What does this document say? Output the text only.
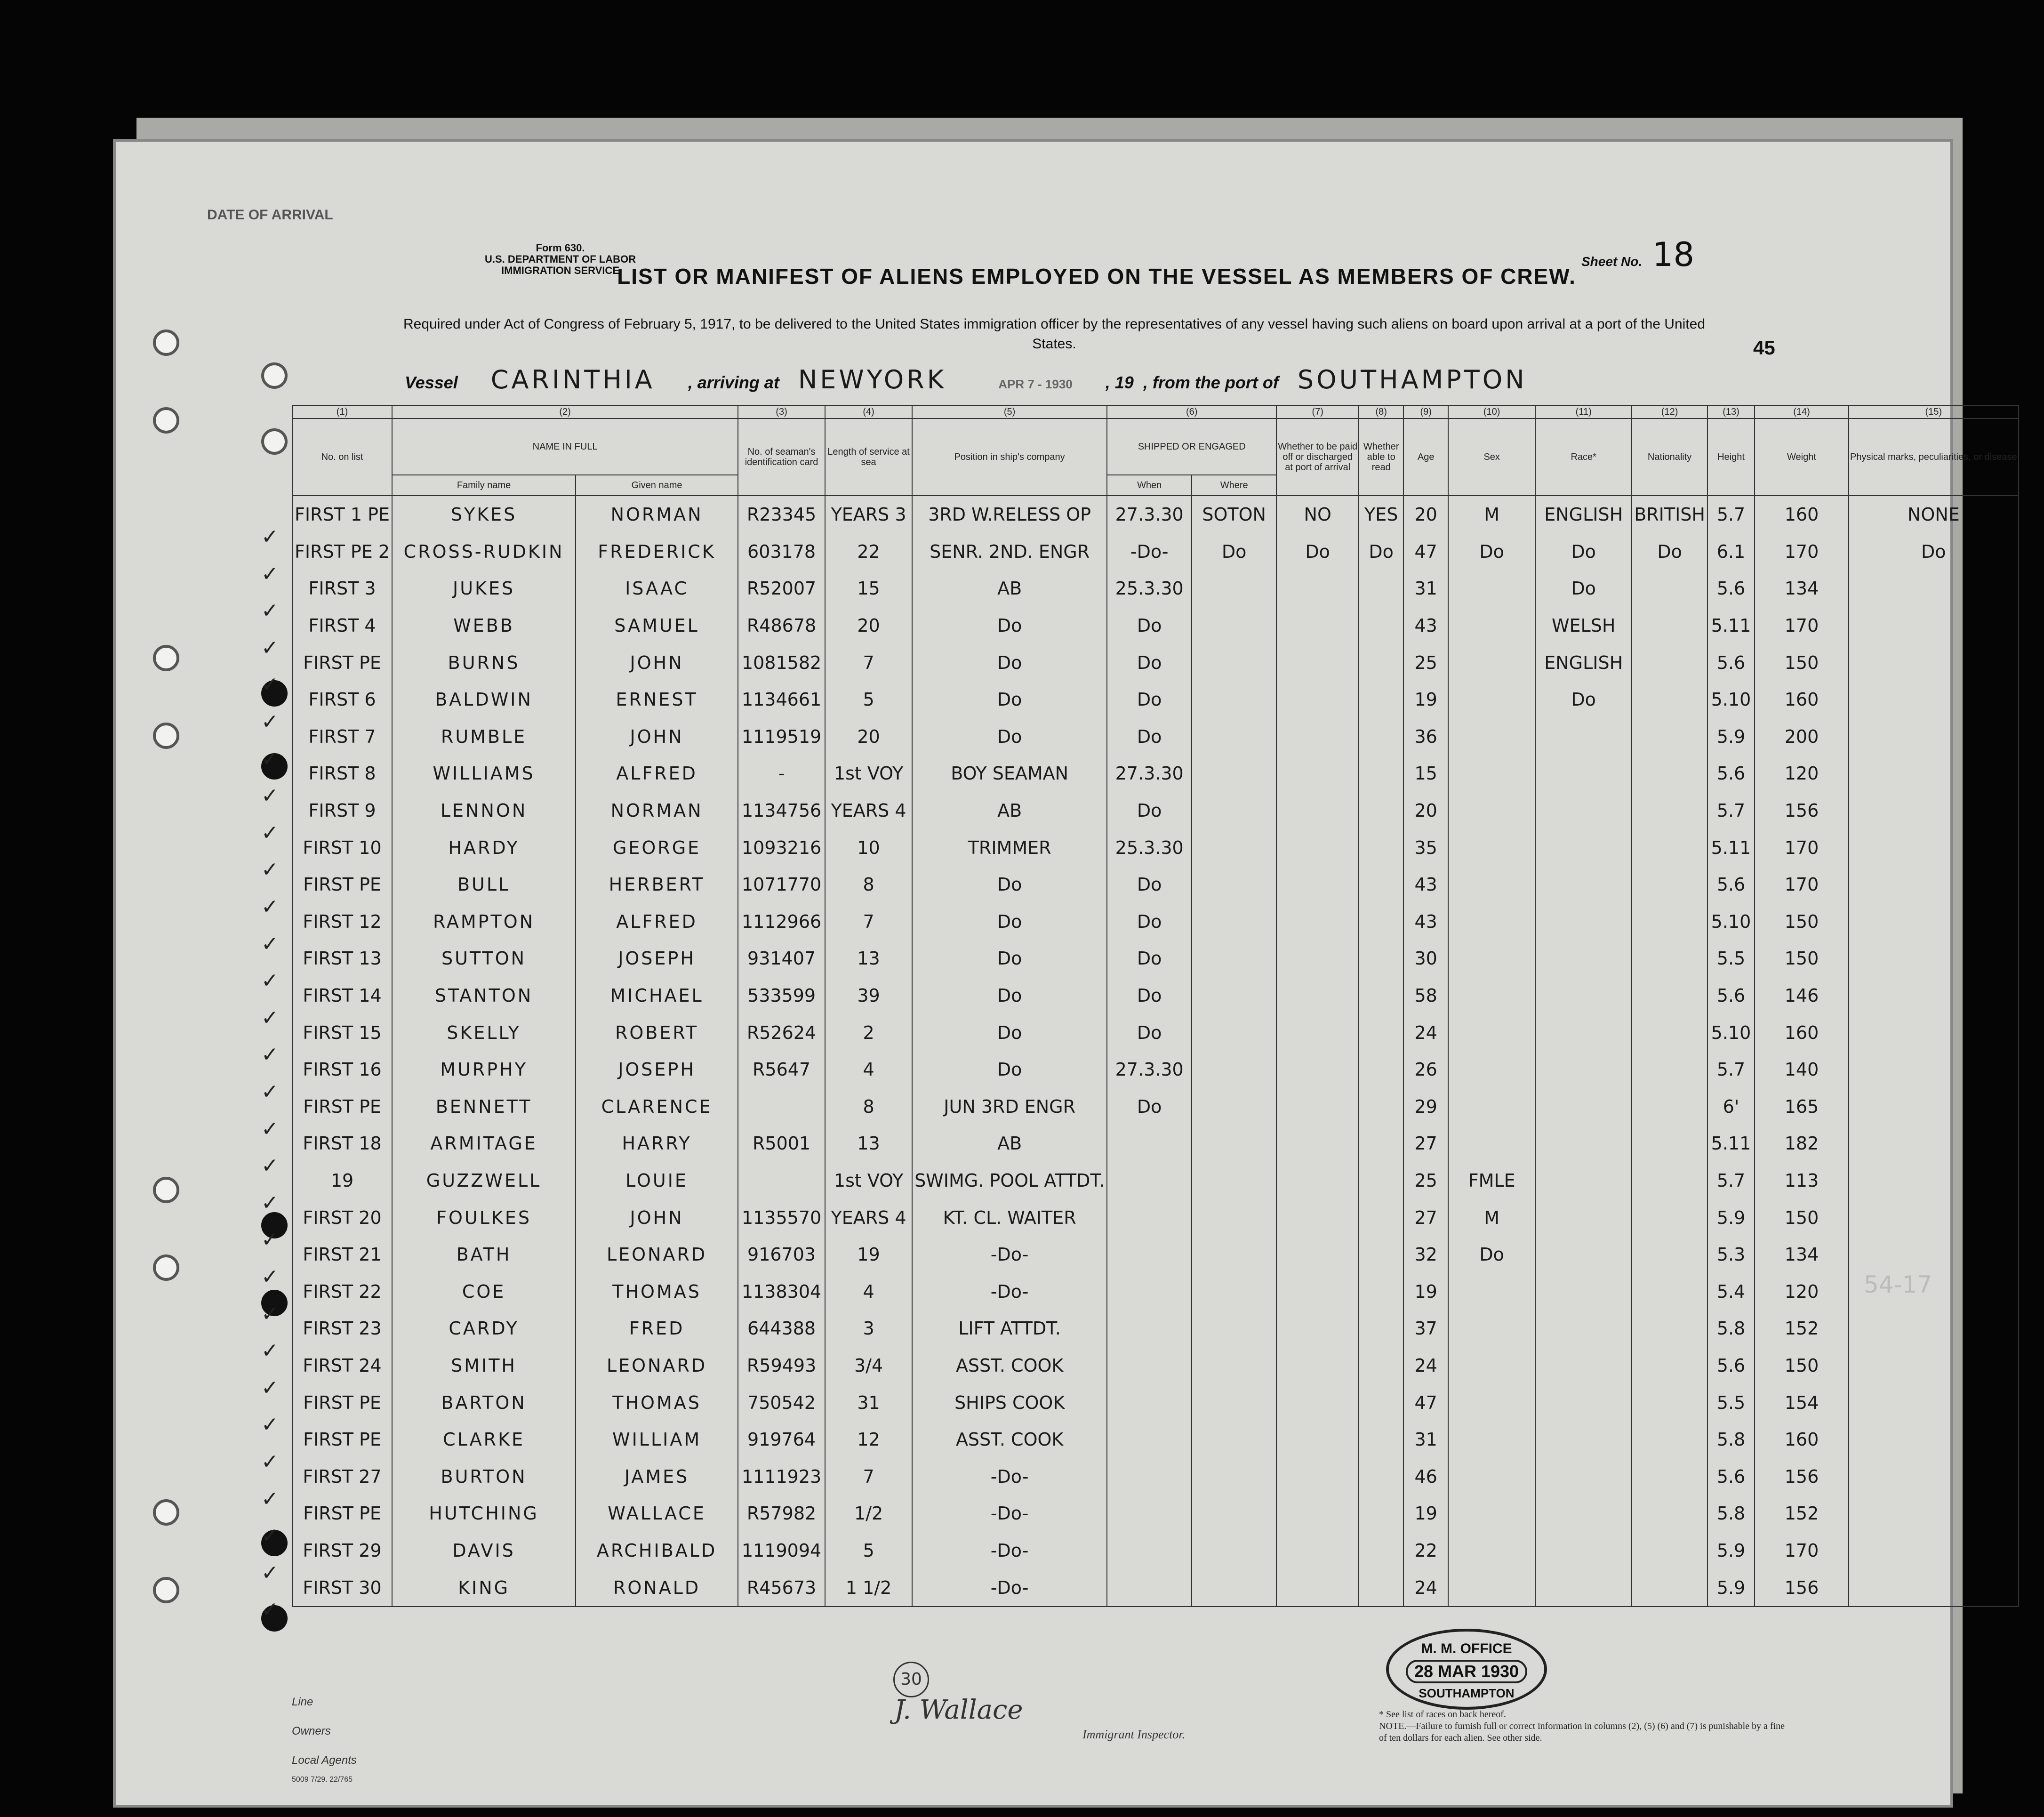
DATE OF ARRIVAL
Form 630.
U.S. DEPARTMENT OF LABOR
IMMIGRATION SERVICE
Sheet No. 18
LIST OR MANIFEST OF ALIENS EMPLOYED ON THE VESSEL AS MEMBERS OF CREW.
Required under Act of Congress of February 5, 1917, to be delivered to the United States immigration officer by the representatives of any vessel having such aliens on board upon arrival at a port of the United States.	45
Vessel CARINTHIA , arriving at NEWYORK	APR 7 - 1930 , 19 , from the port of SOUTHAMPTON
(1)	(2)		(3)	(4)	(5)	(6)		(7)	(8)	(9)	(10)	(11)	(12)	(13)	(14)	(15)
No. on list	NAME IN FULL		No. of seaman's identification card	Length of service at sea	Position in ship's company	SHIPPED OR ENGAGED		Whether to be paid off or discharged at port of arrival	Whether able to read	Age	Sex	Race*	Nationality	Height	Weight	Physical marks, peculiarities, or disease
	Family name	Given name				When	Where									
FIRST 1 PE	SYKES	NORMAN	R23345	YEARS 3	3RD W.RELESS OP	27.3.30	SOTON	NO	YES	20	M	ENGLISH	BRITISH	5.7	160	NONE
FIRST PE 2	CROSS-RUDKIN	FREDERICK	603178	22	SENR. 2ND. ENGR	-Do-	Do	Do	Do	47	Do	Do	Do	6.1	170	Do
FIRST 3	JUKES	ISAAC	R52007	15	AB	25.3.30				31		Do		5.6	134	
FIRST 4	WEBB	SAMUEL	R48678	20	Do	Do				43		WELSH		5.11	170	
FIRST PE	BURNS	JOHN	1081582	7	Do	Do				25		ENGLISH		5.6	150	
FIRST 6	BALDWIN	ERNEST	1134661	5	Do	Do				19		Do		5.10	160	
FIRST 7	RUMBLE	JOHN	1119519	20	Do	Do				36				5.9	200	
FIRST 8	WILLIAMS	ALFRED	-	1st VOY	BOY SEAMAN	27.3.30				15				5.6	120	
FIRST 9	LENNON	NORMAN	1134756	YEARS 4	AB	Do				20				5.7	156	
FIRST 10	HARDY	GEORGE	1093216	10	TRIMMER	25.3.30				35				5.11	170	
FIRST PE	BULL	HERBERT	1071770	8	Do	Do				43				5.6	170	
FIRST 12	RAMPTON	ALFRED	1112966	7	Do	Do				43				5.10	150	
FIRST 13	SUTTON	JOSEPH	931407	13	Do	Do				30				5.5	150	
FIRST 14	STANTON	MICHAEL	533599	39	Do	Do				58				5.6	146	
FIRST 15	SKELLY	ROBERT	R52624	2	Do	Do				24				5.10	160	
FIRST 16	MURPHY	JOSEPH	R5647	4	Do	27.3.30				26				5.7	140	
FIRST PE	BENNETT	CLARENCE		8	JUN 3RD ENGR	Do				29				6'	165	
FIRST 18	ARMITAGE	HARRY	R5001	13	AB					27				5.11	182	
19	GUZZWELL	LOUIE		1st VOY	SWIMG. POOL ATTDT.					25	FMLE			5.7	113	
FIRST 20	FOULKES	JOHN	1135570	YEARS 4	KT. CL. WAITER					27	M			5.9	150	
FIRST 21	BATH	LEONARD	916703	19	-Do-					32	Do			5.3	134	
FIRST 22	COE	THOMAS	1138304	4	-Do-					19				5.4	120	
FIRST 23	CARDY	FRED	644388	3	LIFT ATTDT.					37				5.8	152	
FIRST 24	SMITH	LEONARD	R59493	3/4	ASST. COOK					24				5.6	150	
FIRST PE	BARTON	THOMAS	750542	31	SHIPS COOK					47				5.5	154	
FIRST PE	CLARKE	WILLIAM	919764	12	ASST. COOK					31				5.8	160	
FIRST 27	BURTON	JAMES	1111923	7	-Do-					46				5.6	156	
FIRST PE	HUTCHING	WALLACE	R57982	1/2	-Do-					19				5.8	152	
FIRST 29	DAVIS	ARCHIBALD	1119094	5	-Do-					22				5.9	170	
FIRST 30	KING	RONALD	R45673	1 1/2	-Do-					24				5.9	156	
Line
Owners
Local Agents
5009 7/29. 22/765
30
J. Wallace
Immigrant Inspector.
* See list of races on back hereof.
NOTE.—Failure to furnish full or correct information in columns (2), (5) (6) and (7) is punishable by a fine of ten dollars for each alien. See other side.
M. M. OFFICE
28 MAR 1930
SOUTHAMPTON
54-17
✓
✓
✓
✓
✓
✓
✓
✓
✓
✓
✓
✓
✓
✓
✓
✓
✓
✓
✓
✓
✓
✓
✓
✓
✓
✓
✓
✓
✓
✓
